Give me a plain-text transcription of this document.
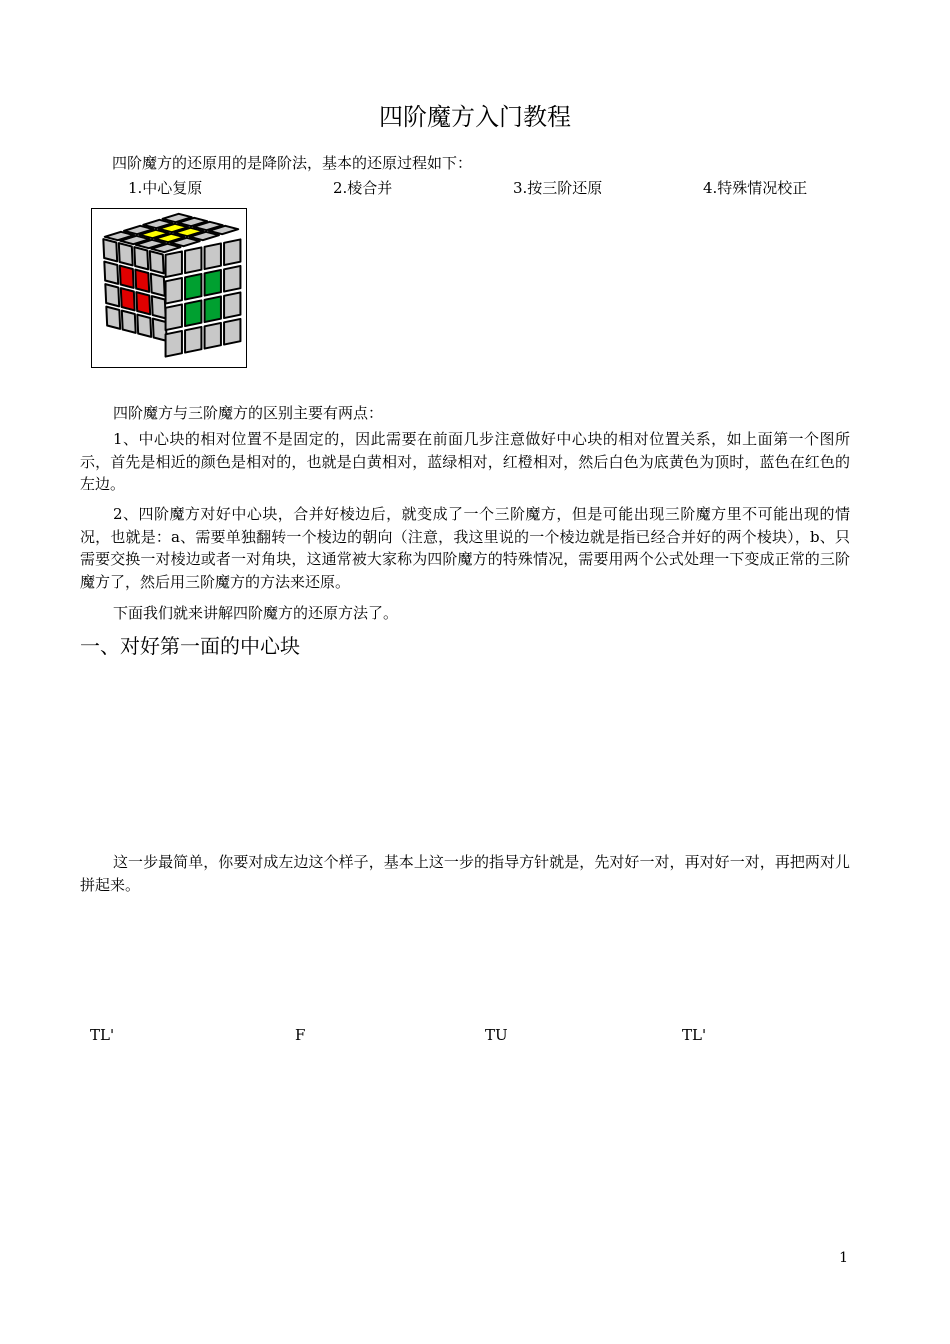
四阶魔方入门教程
四阶魔方的还原用的是降阶法，基本的还原过程如下：
1.中心复原	2.棱合并	3.按三阶还原	4.特殊情况校正
四阶魔方与三阶魔方的区别主要有两点：
1、中心块的相对位置不是固定的，因此需要在前面几步注意做好中心块的相对位置关系，如上面第一个图所示，首先是相近的颜色是相对的，也就是白黄相对，蓝绿相对，红橙相对，然后白色为底黄色为顶时，蓝色在红色的左边。
2、四阶魔方对好中心块，合并好棱边后，就变成了一个三阶魔方，但是可能出现三阶魔方里不可能出现的情况，也就是：a、需要单独翻转一个棱边的朝向（注意，我这里说的一个棱边就是指已经合并好的两个棱块），b、只需要交换一对棱边或者一对角块，这通常被大家称为四阶魔方的特殊情况，需要用两个公式处理一下变成正常的三阶魔方了，然后用三阶魔方的方法来还原。
下面我们就来讲解四阶魔方的还原方法了。
一、对好第一面的中心块
这一步最简单，你要对成左边这个样子，基本上这一步的指导方针就是，先对好一对，再对好一对，再把两对儿拼起来。
TL'	F	TU	TL'
1
